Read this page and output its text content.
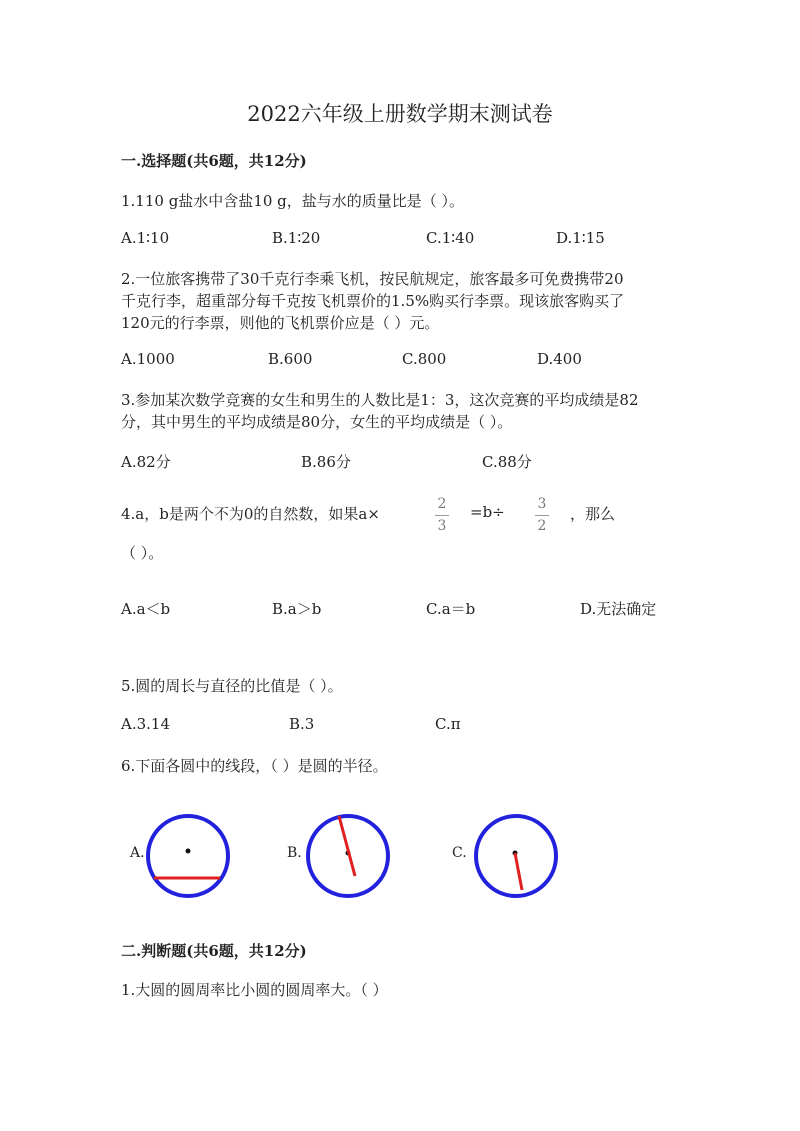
2022六年级上册数学期末测试卷
一.选择题(共6题，共12分)
1.110 g盐水中含盐10 g，盐与水的质量比是（ ）。
A.1∶10	B.1∶20	C.1∶40	D.1∶15
2.一位旅客携带了30千克行李乘飞机，按民航规定，旅客最多可免费携带20
千克行李，超重部分每千克按飞机票价的1.5%购买行李票。现该旅客购买了
120元的行李票，则他的飞机票价应是（ ）元。
A.1000	B.600	C.800	D.400
3.参加某次数学竞赛的女生和男生的人数比是1：3，这次竞赛的平均成绩是82
分，其中男生的平均成绩是80分，女生的平均成绩是（ ）。
A.82分	B.86分	C.88分
4.a，b是两个不为0的自然数，如果a×
2
3
=b÷	3
2
，那么
（ ）。
A.a＜b	B.a＞b	C.a＝b	D.无法确定
5.圆的周长与直径的比值是（ ）。
A.3.14	B.3	C.π
6.下面各圆中的线段，（ ）是圆的半径。
A.	B.	C.
二.判断题(共6题，共12分)
1.大圆的圆周率比小圆的圆周率大。（ ）
